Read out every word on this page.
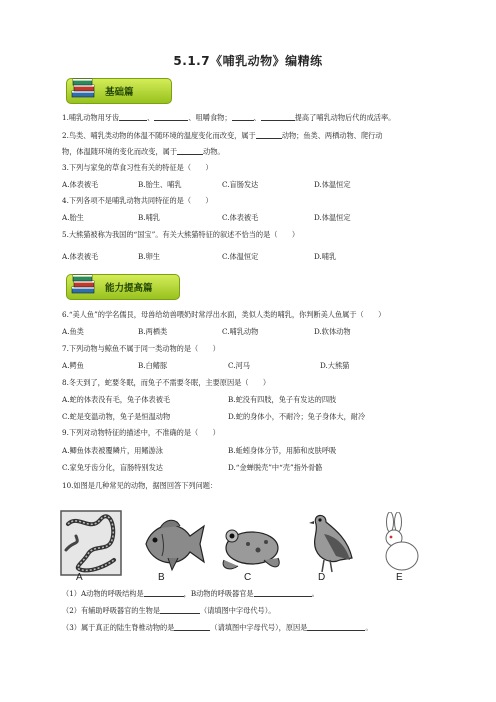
5.1.7《哺乳动物》编精练
基础篇
1.哺乳动物用牙齿	、	、咀嚼食物；	、	提高了哺乳动物后代的成活率。
2.鸟类、哺乳类动物的体温不随环境的温度变化而改变，属于	动物；鱼类、两栖动物、爬行动
物，体温随环境的变化而改变，属于	动物。
3.下列与家兔的草食习性有关的特征是（　　）
A.体表被毛	B.胎生、哺乳	C.盲肠发达	D.体温恒定
4.下列各项不是哺乳动物共同特征的是（　　）
A.胎生	B.哺乳	C.体表被毛	D.体温恒定
5.大熊猫被称为我国的“国宝”。有关大熊猫特征的叙述不恰当的是（　　）
A.体表被毛	B.卵生	C.体温恒定	D.哺乳
能力提高篇
6.“美人鱼”的学名儒艮，母兽给幼兽喂奶时常浮出水面，类似人类的哺乳，你判断美人鱼属于（　　）
A.鱼类	B.两栖类	C.哺乳动物	D.软体动物
7.下列动物与鲸鱼不属于同一类动物的是（　　）
A.鳄鱼	B.白鳍豚	C.河马	D.大熊猫
8.冬天到了，蛇要冬眠，而兔子不需要冬眠，主要原因是（　　）
A.蛇的体表没有毛，兔子体表被毛	B.蛇没有四肢，兔子有发达的四肢
C.蛇是变温动物，兔子是恒温动物	D.蛇的身体小，不耐冷；兔子身体大，耐冷
9.下列对动物特征的描述中，不准确的是（　　）
A.鲫鱼体表被覆鳞片，用鳍游泳	B.蚯蚓身体分节，用肺和皮肤呼吸
C.家兔牙齿分化，盲肠特别发达	D.“金蝉脱壳”中“壳”指外骨骼
10.如图是几种常见的动物，据图回答下列问题：
A	B	C	D	E
（1）A动物的呼吸结构是	，B动物的呼吸器官是	。
（2）有辅助呼吸器官的生物是	（请填图中字母代号）。
（3）属于真正的陆生脊椎动物的是	（请填图中字母代号），原因是	。
